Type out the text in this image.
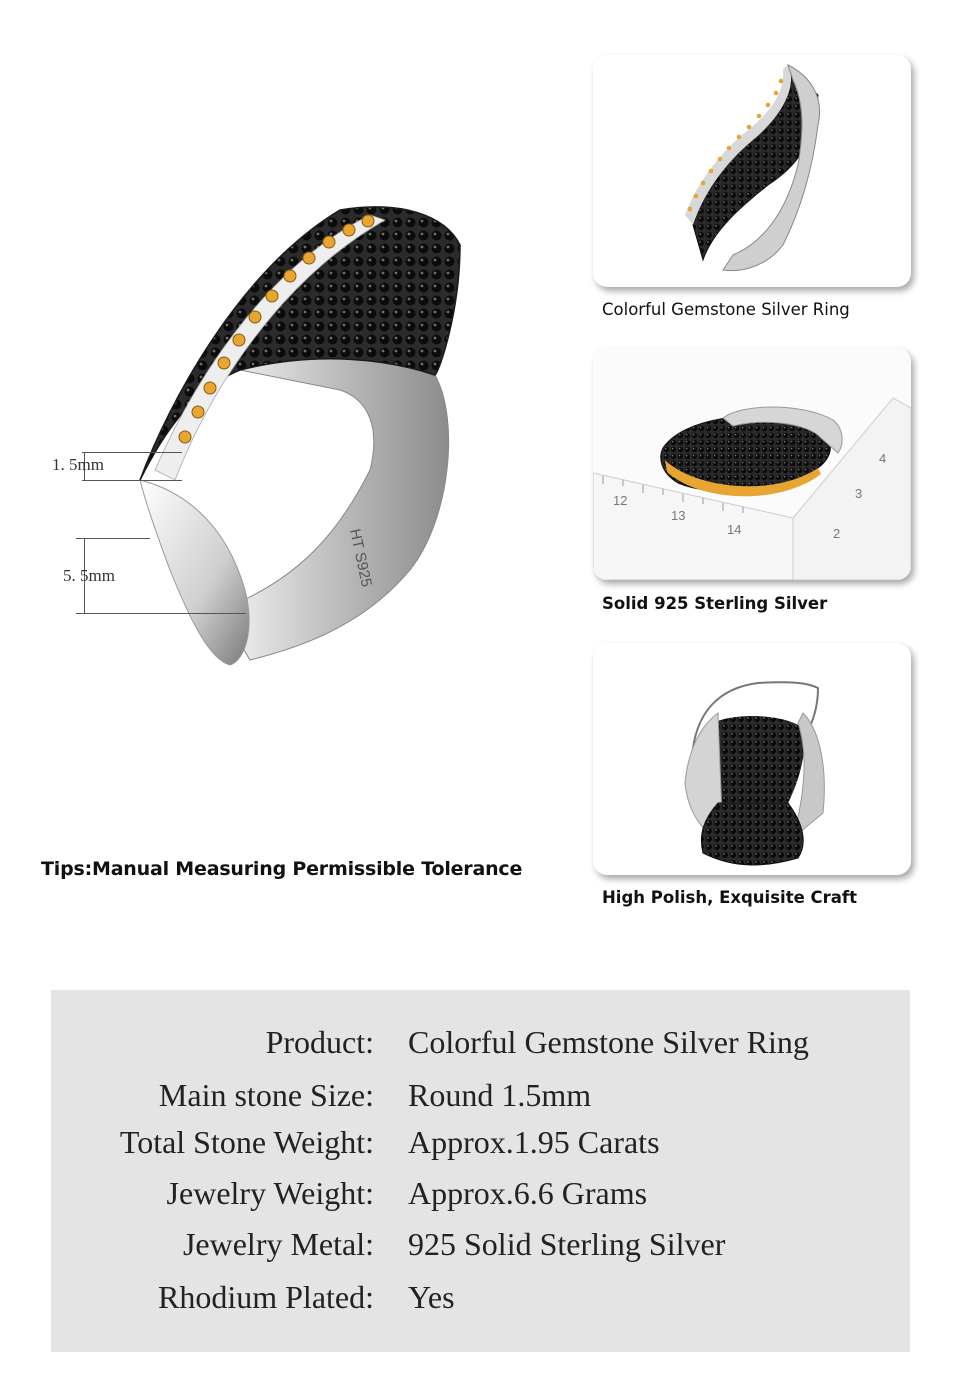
HT S925
1. 5mm
5. 5mm
Tips:Manual Measuring Permissible Tolerance
Colorful Gemstone Silver Ring
12
13
14	2
3
4
Solid 925 Sterling Silver
High Polish, Exquisite Craft
Product: Colorful Gemstone Silver Ring
Main stone Size: Round 1.5mm
Total Stone Weight: Approx.1.95 Carats
Jewelry Weight: Approx.6.6 Grams
Jewelry Metal: 925 Solid Sterling Silver
Rhodium Plated: Yes
